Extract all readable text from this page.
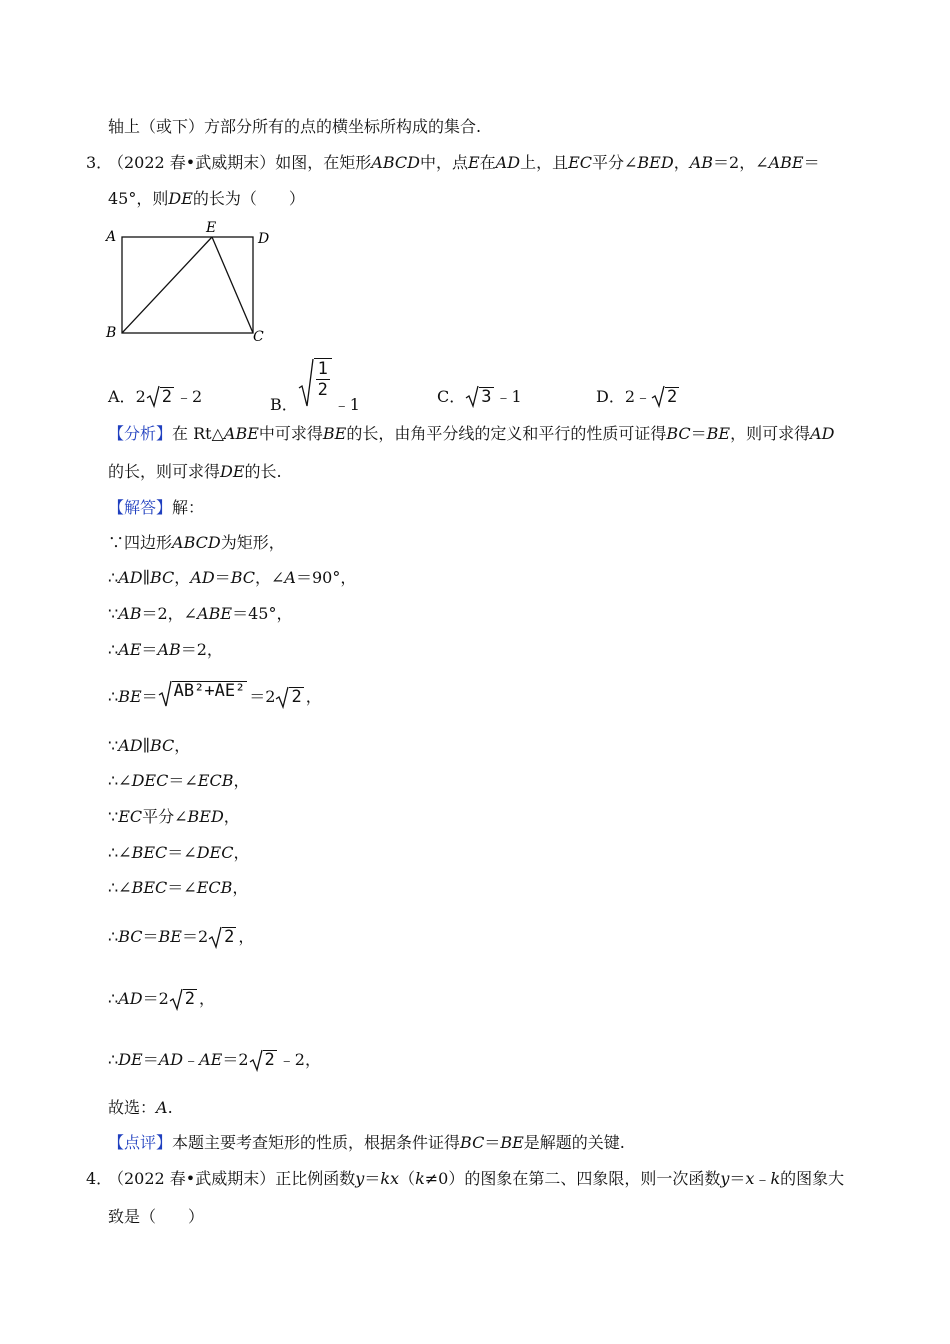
轴上（或下）方部分所有的点的横坐标所构成的集合.
3．
（2022 春•武威期末）如图，在矩形ABCD中，点E在AD上，且EC平分∠BED，AB＝2，∠ABE＝
45°，则DE的长为（　　）
A
E
D
B	C
A．2 2 ﹣2	B．
$\frac{1}{2}$
﹣1	C． 3 ﹣1	D．2﹣ 2
【分析】在 Rt△ABE中可求得BE的长，由角平分线的定义和平行的性质可证得BC＝BE，则可求得AD
的长，则可求得DE的长.
【解答】解：
∵四边形ABCD为矩形，
∴AD∥BC，AD＝BC，∠A＝90°，
∵AB＝2，∠ABE＝45°，
∴AE＝AB＝2，
∴BE＝ AB²+AE² ＝2 2 ，
∵AD∥BC，
∴∠DEC＝∠ECB，
∵EC平分∠BED，
∴∠BEC＝∠DEC，
∴∠BEC＝∠ECB，
∴BC＝BE＝2 2 ，
∴AD＝2 2 ，
∴DE＝AD﹣AE＝2 2 ﹣2，
故选：A.
【点评】本题主要考查矩形的性质，根据条件证得BC＝BE是解题的关键.
4．
（2022 春•武威期末）正比例函数y＝kx（k≠0）的图象在第二、四象限，则一次函数y＝x﹣k的图象大
致是（　　）
